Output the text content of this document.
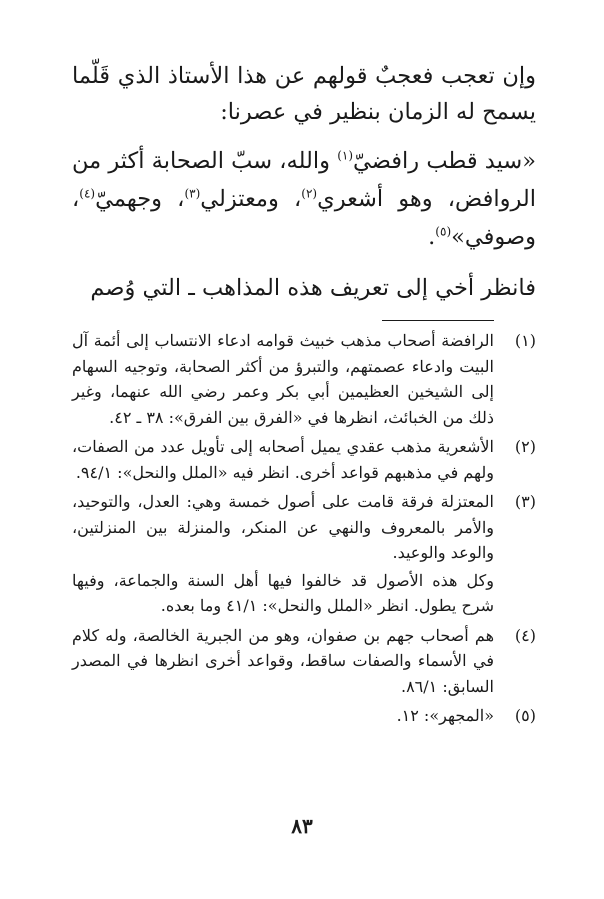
وإن تعجب فعجبٌ قولهم عن هذا الأستاذ الذي قَلّما يسمح له الزمان بنظير في عصرنا:

«سيد قطب رافضيّ$^{(١)}$ والله، سبّ الصحابة أكثر من الروافض، وهو أشعري$^{(٢)}$، ومعتزلي$^{(٣)}$، وجهميّ$^{(٤)}$، وصوفي»$^{(٥)}$.

فانظر أخي إلى تعريف هذه المذاهب ـ التي وُصم

(١)

الرافضة أصحاب مذهب خبيث قوامه ادعاء الانتساب إلى أئمة آل البيت وادعاء عصمتهم، والتبرؤ من أكثر الصحابة، وتوجيه السهام إلى الشيخين العظيمين أبي بكر وعمر رضي الله عنهما، وغير ذلك من الخبائث، انظرها في «الفرق بين الفرق»: ٣٨ ـ ٤٢.

(٢)

الأشعرية مذهب عقدي يميل أصحابه إلى تأويل عدد من الصفات، ولهم في مذهبهم قواعد أخرى. انظر فيه «الملل والنحل»: ٩٤/١.

(٣)

المعتزلة فرقة قامت على أصول خمسة وهي: العدل، والتوحيد، والأمر بالمعروف والنهي عن المنكر، والمنزلة بين المنزلتين، والوعد والوعيد.

وكل هذه الأصول قد خالفوا فيها أهل السنة والجماعة، وفيها شرح يطول. انظر «الملل والنحل»: ٤١/١ وما بعده.

(٤)

هم أصحاب جهم بن صفوان، وهو من الجبرية الخالصة، وله كلام في الأسماء والصفات ساقط، وقواعد أخرى انظرها في المصدر السابق: ٨٦/١.

(٥)

«المجهر»: ١٢.

٨٣
